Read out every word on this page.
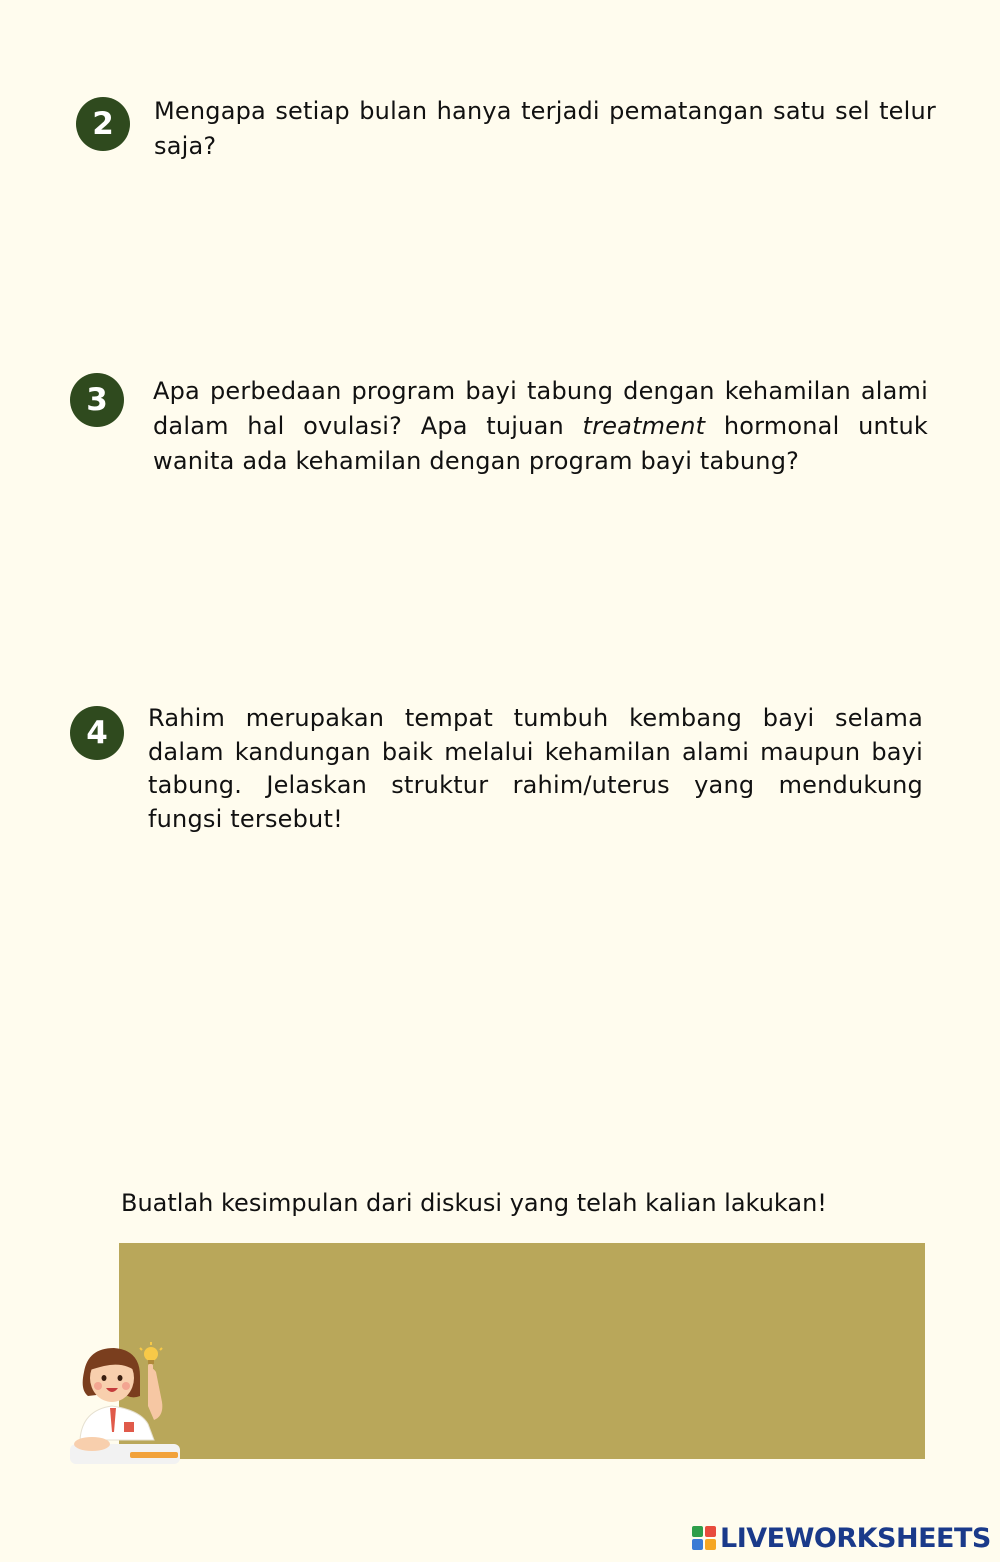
2	Mengapa setiap bulan hanya terjadi pematangan satu sel telur saja?
3	Apa perbedaan program bayi tabung dengan kehamilan alami dalam hal ovulasi? Apa tujuan treatment hormonal untuk wanita ada kehamilan dengan program bayi tabung?
4	Rahim merupakan tempat tumbuh kembang bayi selama dalam kandungan baik melalui kehamilan alami maupun bayi tabung. Jelaskan struktur rahim/uterus yang mendukung fungsi tersebut!
Buatlah kesimpulan dari diskusi yang telah kalian lakukan!
LIVEWORKSHEETS
